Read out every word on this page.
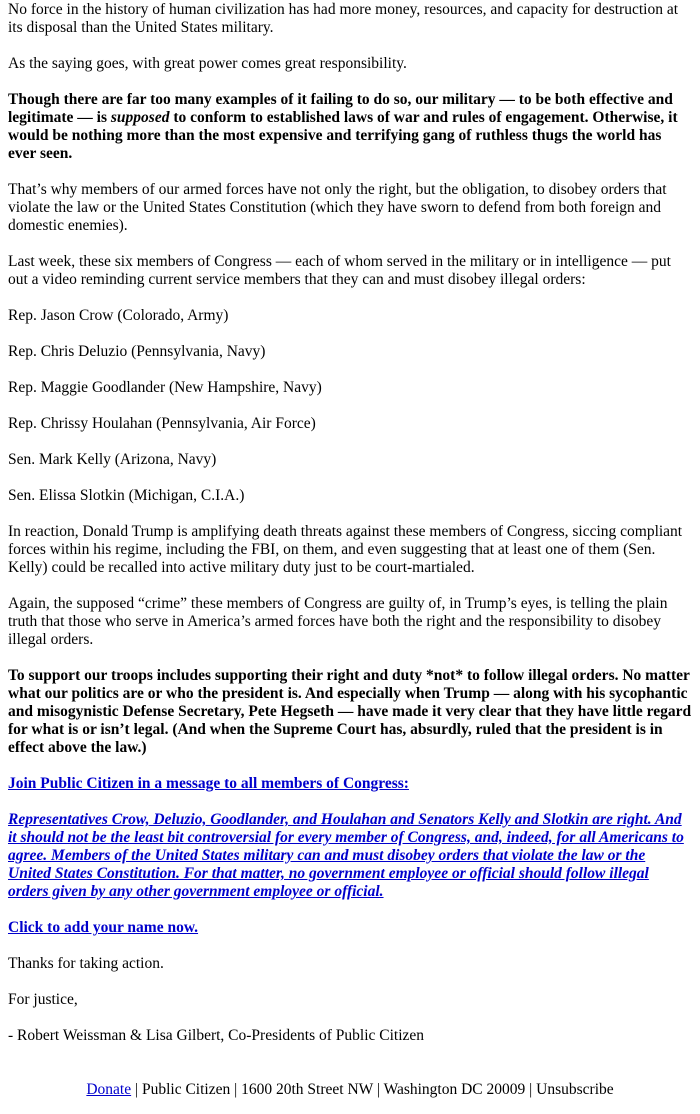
No force in the history of human civilization has had more money, resources, and capacity for destruction at its disposal than the United States military.

As the saying goes, with great power comes great responsibility.

Though there are far too many examples of it failing to do so, our military — to be both effective and legitimate — is supposed to conform to established laws of war and rules of engagement. Otherwise, it would be nothing more than the most expensive and terrifying gang of ruthless thugs the world has ever seen.

That’s why members of our armed forces have not only the right, but the obligation, to disobey orders that violate the law or the United States Constitution (which they have sworn to defend from both foreign and domestic enemies).

Last week, these six members of Congress — each of whom served in the military or in intelligence — put out a video reminding current service members that they can and must disobey illegal orders:

Rep. Jason Crow (Colorado, Army)

Rep. Chris Deluzio (Pennsylvania, Navy)

Rep. Maggie Goodlander (New Hampshire, Navy)

Rep. Chrissy Houlahan (Pennsylvania, Air Force)

Sen. Mark Kelly (Arizona, Navy)

Sen. Elissa Slotkin (Michigan, C.I.A.)

In reaction, Donald Trump is amplifying death threats against these members of Congress, siccing compliant forces within his regime, including the FBI, on them, and even suggesting that at least one of them (Sen. Kelly) could be recalled into active military duty just to be court-martialed.

Again, the supposed “crime” these members of Congress are guilty of, in Trump’s eyes, is telling the plain truth that those who serve in America’s armed forces have both the right and the responsibility to disobey illegal orders.

To support our troops includes supporting their right and duty *not* to follow illegal orders. No matter what our politics are or who the president is. And especially when Trump — along with his sycophantic and misogynistic Defense Secretary, Pete Hegseth — have made it very clear that they have little regard for what is or isn’t legal. (And when the Supreme Court has, absurdly, ruled that the president is in effect above the law.)

Join Public Citizen in a message to all members of Congress:

Representatives Crow, Deluzio, Goodlander, and Houlahan and Senators Kelly and Slotkin are right. And it should not be the least bit controversial for every member of Congress, and, indeed, for all Americans to agree. Members of the United States military can and must disobey orders that violate the law or the United States Constitution. For that matter, no government employee or official should follow illegal orders given by any other government employee or official.

Click to add your name now.

Thanks for taking action.

For justice,

- Robert Weissman & Lisa Gilbert, Co-Presidents of Public Citizen

Donate | Public Citizen | 1600 20th Street NW | Washington DC 20009 | Unsubscribe
